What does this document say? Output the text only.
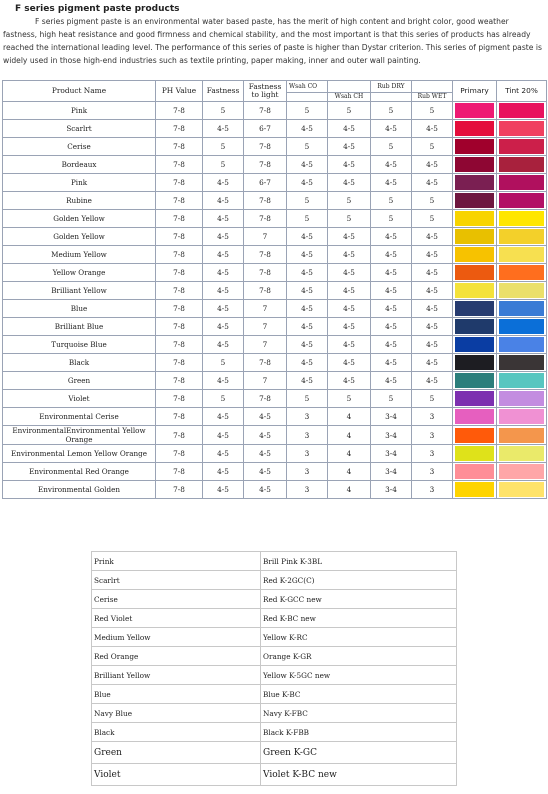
F series pigment paste products

F series pigment paste is an environmental water based paste, has the merit of high content and bright color, good weather fastness, high heat resistance and good firmness and chemical stability, and the most important is that this series of products has already reached the international leading level. The performance of this series of paste is higher than Dystar criterion. This series of pigment paste is widely used in those high-end industries such as textile printing, paper making, inner and outer wall painting.

Product Name	PH Value	Fastness	Fastness to light	Wsah CO		Rub DRY		Primary	Tint 20%
					Wsah CH		Rub WET		
Pink	7-8	5	7-8	5	5	5	5	

Scarlrt	7-8	4-5	6-7	4-5	4-5	4-5	4-5	

Cerise	7-8	5	7-8	5	4-5	5	5	

Bordeaux	7-8	5	7-8	4-5	4-5	4-5	4-5	

Pink	7-8	4-5	6-7	4-5	4-5	4-5	4-5	

Rubine	7-8	4-5	7-8	5	5	5	5	

Golden Yellow	7-8	4-5	7-8	5	5	5	5	

Golden Yellow	7-8	4-5	7	4-5	4-5	4-5	4-5	

Medium Yellow	7-8	4-5	7-8	4-5	4-5	4-5	4-5	

Yellow Orange	7-8	4-5	7-8	4-5	4-5	4-5	4-5	

Brilliant Yellow	7-8	4-5	7-8	4-5	4-5	4-5	4-5	

Blue	7-8	4-5	7	4-5	4-5	4-5	4-5	

Brilliant Blue	7-8	4-5	7	4-5	4-5	4-5	4-5	

Turquoise Blue	7-8	4-5	7	4-5	4-5	4-5	4-5	

Black	7-8	5	7-8	4-5	4-5	4-5	4-5	

Green	7-8	4-5	7	4-5	4-5	4-5	4-5	

Violet	7-8	5	7-8	5	5	5	5	

Environmental Cerise	7-8	4-5	4-5	3	4	3-4	3	

EnvironmentalEnvironmental Yellow Orange	7-8	4-5	4-5	3	4	3-4	3	

Environmental Lemon Yellow Orange	7-8	4-5	4-5	3	4	3-4	3	

Environmental Red Orange	7-8	4-5	4-5	3	4	3-4	3	

Environmental Golden	7-8	4-5	4-5	3	4	3-4	3	

Prink	Brill Pink K-3BL
Scarlrt	Red K-2GC(C)
Cerise	Red K-GCC new
Red Violet	Red K-BC new
Medium Yellow	Yellow K-RC
Red Orange	Orange K-GR
Brilliant Yellow	Yellow K-5GC new
Blue	Blue K-BC
Navy Blue	Navy K-FBC
Black	Black K-FBB
Green	Green K-GC
Violet	Violet K-BC new
